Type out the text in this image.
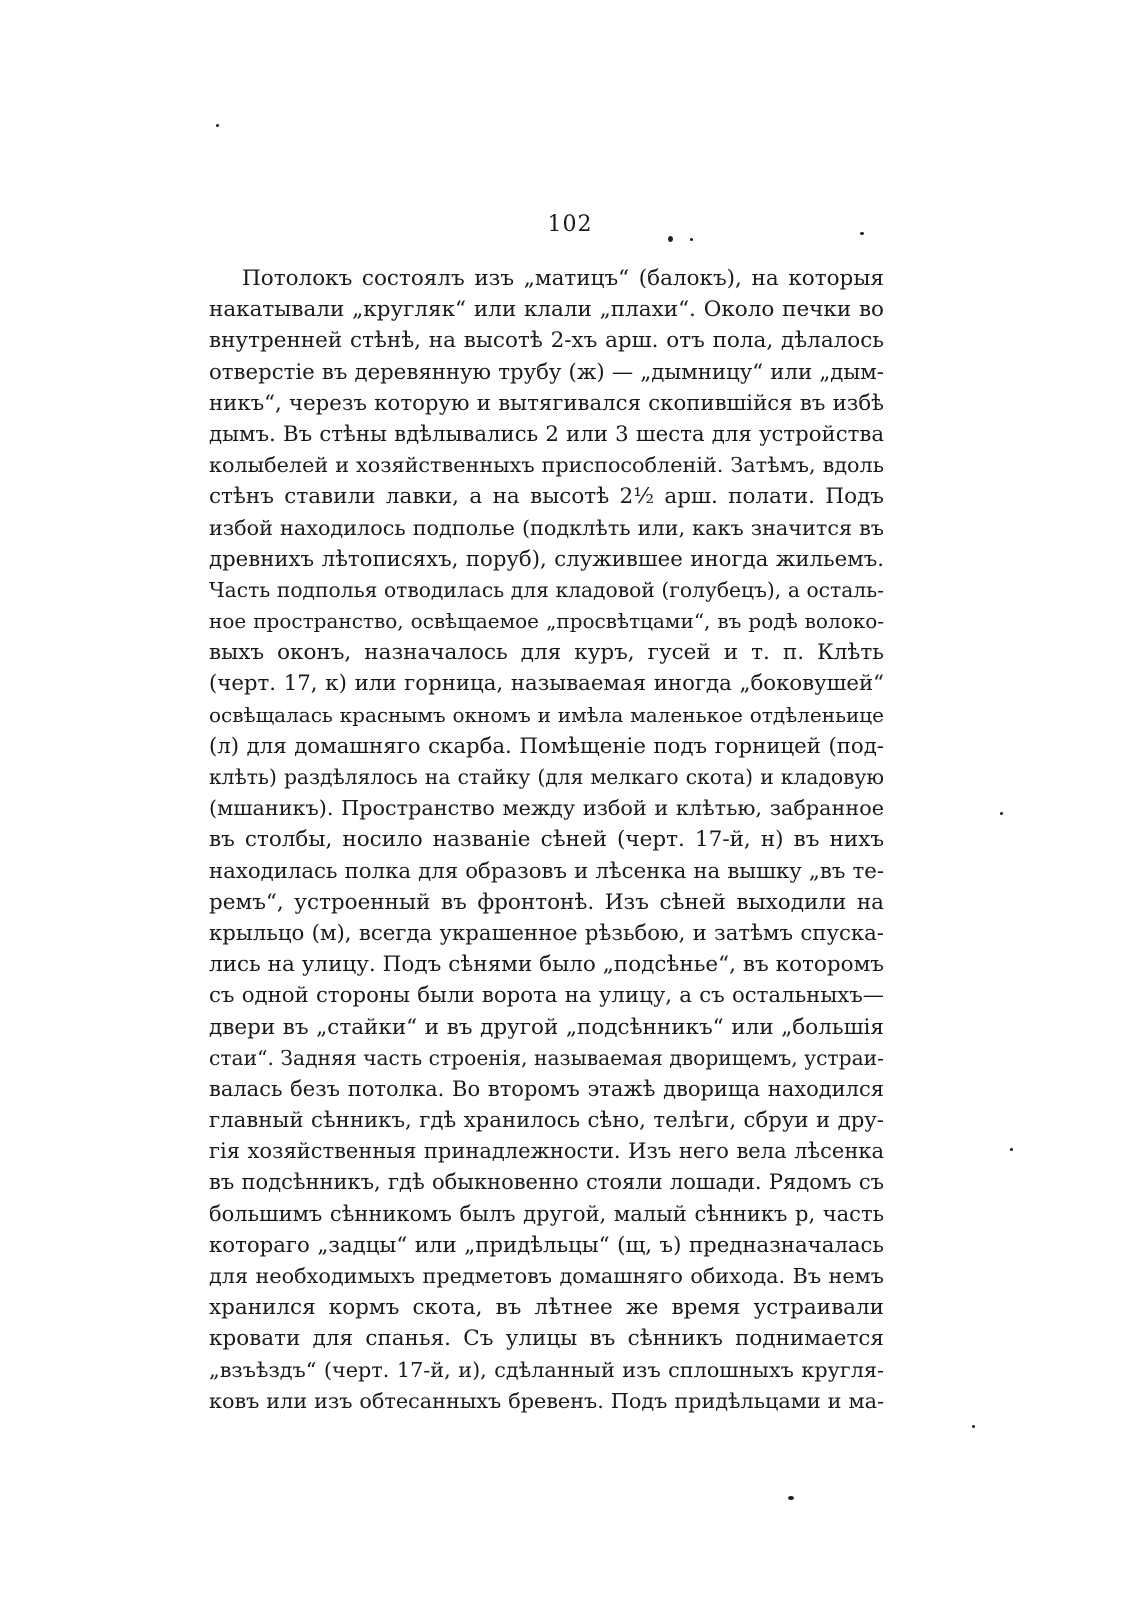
102
Потолокъ состоялъ изъ „матицъ“ (балокъ), на которыя
накатывали „кругляк“ или клали „плахи“. Около печки во
внутренней стѣнѣ, на высотѣ 2-хъ арш. отъ пола, дѣлалось
отверстіе въ деревянную трубу (ж) — „дымницу“ или „дым-
никъ“, черезъ которую и вытягивался скопившійся въ избѣ
дымъ. Въ стѣны вдѣлывались 2 или 3 шеста для устройства
колыбелей и хозяйственныхъ приспособленій. Затѣмъ, вдоль
стѣнъ ставили лавки, а на высотѣ 2½ арш. полати. Подъ
избой находилось подполье (подклѣть или, какъ значится въ
древнихъ лѣтописяхъ, поруб), служившее иногда жильемъ.
Часть подполья отводилась для кладовой (голубецъ), а осталь-
ное пространство, освѣщаемое „просвѣтцами“, въ родѣ волоко-
выхъ оконъ, назначалось для куръ, гусей и т. п. Клѣть
(черт. 17, к) или горница, называемая иногда „боковушей“
освѣщалась краснымъ окномъ и имѣла маленькое отдѣленьице
(л) для домашняго скарба. Помѣщеніе подъ горницей (под-
клѣть) раздѣлялось на стайку (для мелкаго скота) и кладовую
(мшаникъ). Пространство между избой и клѣтью, забранное
въ столбы, носило названіе сѣней (черт. 17-й, н) въ нихъ
находилась полка для образовъ и лѣсенка на вышку „въ те-
ремъ“, устроенный въ фронтонѣ. Изъ сѣней выходили на
крыльцо (м), всегда украшенное рѣзьбою, и затѣмъ спуска-
лись на улицу. Подъ сѣнями было „подсѣнье“, въ которомъ
съ одной стороны были ворота на улицу, а съ остальныхъ—
двери въ „стайки“ и въ другой „подсѣнникъ“ или „большія
стаи“. Задняя часть строенія, называемая дворищемъ, устраи-
валась безъ потолка. Во второмъ этажѣ дворища находился
главный сѣнникъ, гдѣ хранилось сѣно, телѣги, сбруи и дру-
гія хозяйственныя принадлежности. Изъ него вела лѣсенка
въ подсѣнникъ, гдѣ обыкновенно стояли лошади. Рядомъ съ
большимъ сѣнникомъ былъ другой, малый сѣнникъ р, часть
котораго „задцы“ или „придѣльцы“ (щ, ъ) предназначалась
для необходимыхъ предметовъ домашняго обихода. Въ немъ
хранился кормъ скота, въ лѣтнее же время устраивали
кровати для спанья. Съ улицы въ сѣнникъ поднимается
„взъѣздъ“ (черт. 17-й, и), сдѣланный изъ сплошныхъ кругля-
ковъ или изъ обтесанныхъ бревенъ. Подъ придѣльцами и ма-
